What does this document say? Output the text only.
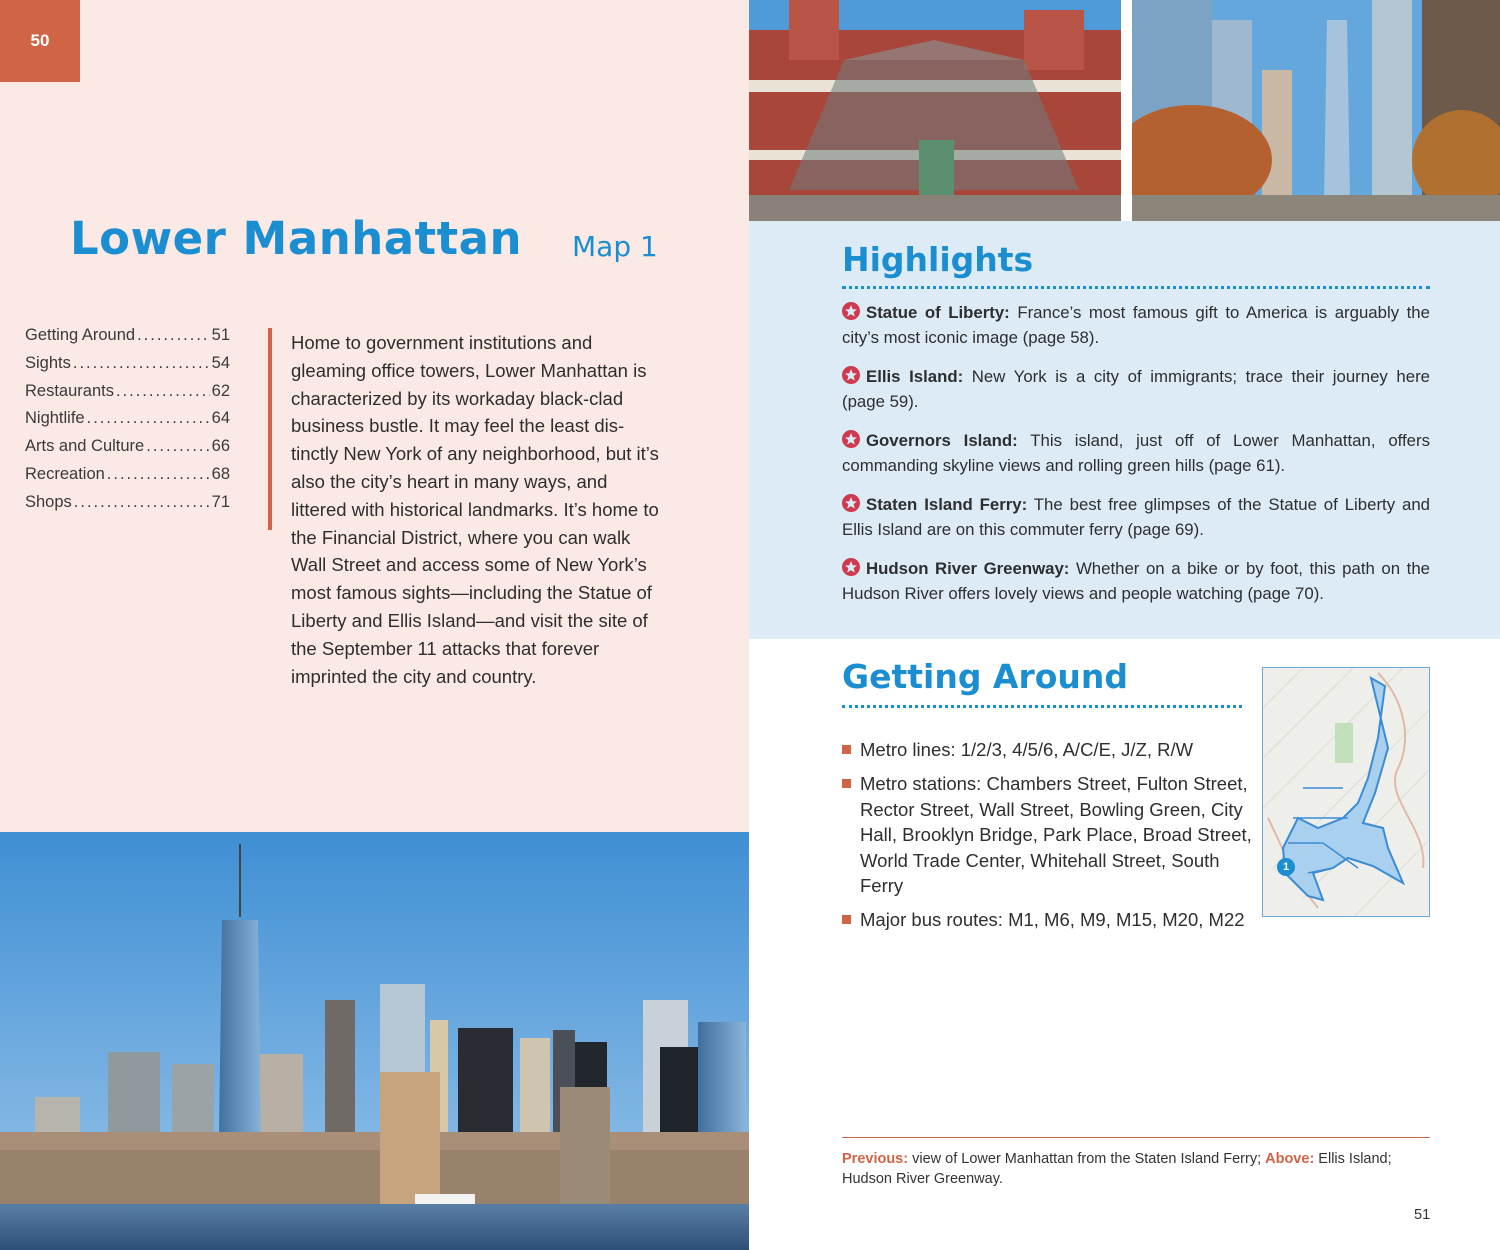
50
Lower Manhattan Map 1
Getting Around .....	51
Sights .....	54
Restaurants .....	62
Nightlife .....	64
Arts and Culture .....	66
Recreation .....	68
Shops .....	71

Home to government institutions and gleaming office towers, Lower Manhattan is characterized by its workaday black-clad business bustle. It may feel the least dis-tinctly New York of any neighborhood, but it’s also the city’s heart in many ways, and littered with historical landmarks. It’s home to the Financial District, where you can walk Wall Street and access some of New York’s most famous sights—including the Statue of Liberty and Ellis Island—and visit the site of the September 11 attacks that forever imprinted the city and country.

Highlights
Statue of Liberty: France’s most famous gift to America is arguably the city’s most iconic image (page 58).
Ellis Island: New York is a city of immigrants; trace their journey here (page 59).
Governors Island: This island, just off of Lower Manhattan, offers commanding skyline views and rolling green hills (page 61).
Staten Island Ferry: The best free glimpses of the Statue of Liberty and Ellis Island are on this commuter ferry (page 69).
Hudson River Greenway: Whether on a bike or by foot, this path on the Hudson River offers lovely views and people watching (page 70).
Getting Around
Metro lines: 1/2/3, 4/5/6, A/C/E, J/Z, R/W
Metro stations: Chambers Street, Fulton Street, Rector Street, Wall Street, Bowling Green, City Hall, Brooklyn Bridge, Park Place, Broad Street, World Trade Center, Whitehall Street, South Ferry
Major bus routes: M1, M6, M9, M15, M20, M22
1

Previous: view of Lower Manhattan from the Staten Island Ferry; Above: Ellis Island; Hudson River Greenway.

51
